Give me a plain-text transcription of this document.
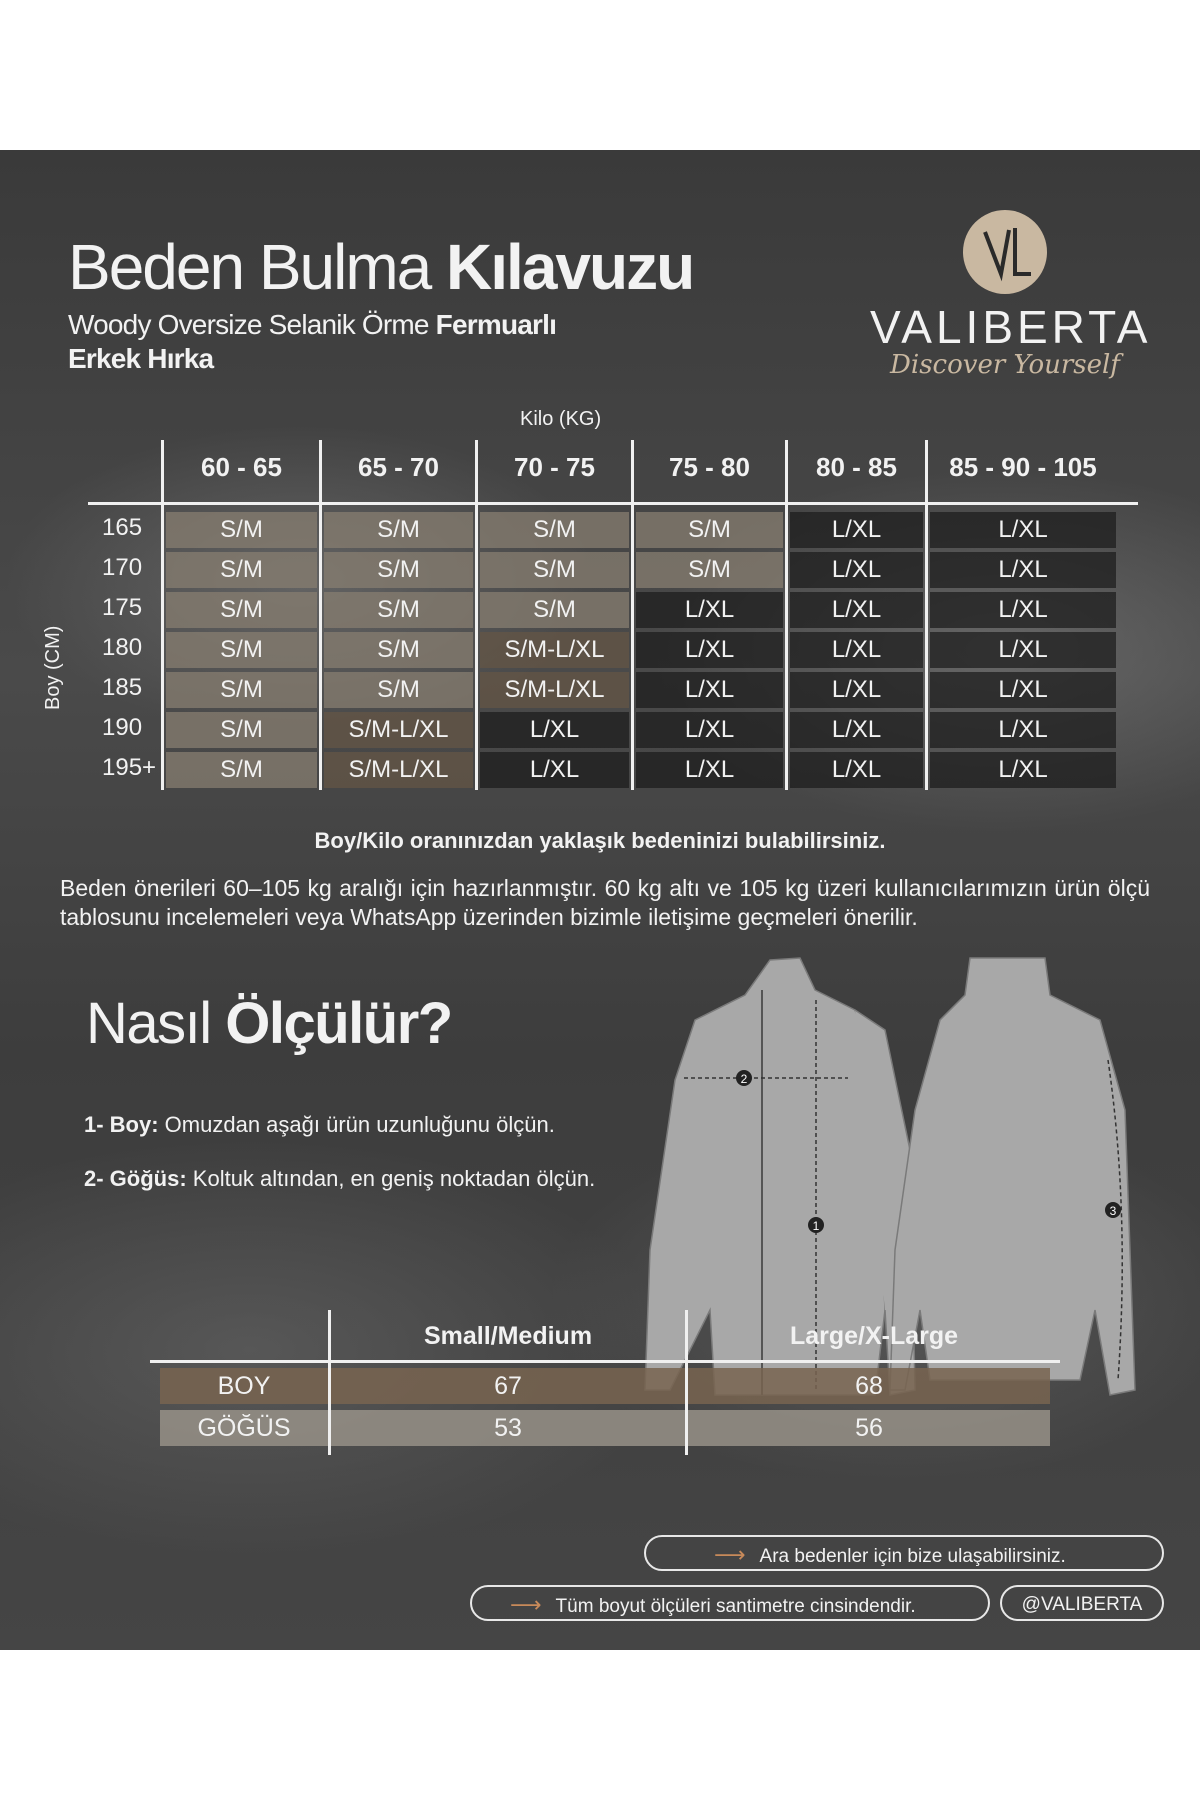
Beden Bulma Kılavuzu
Woody Oversize Selanik Örme Fermuarlı
Erkek Hırka
VALIBERTA
Discover Yourself
Kilo (KG)
Boy (CM)
60 - 65	65 - 70	70 - 75	75 - 80	80 - 85	85 - 90 - 105
165	S/M	S/M	S/M	S/M	L/XL	L/XL
170	S/M	S/M	S/M	S/M	L/XL	L/XL
175	S/M	S/M	S/M	L/XL	L/XL	L/XL
180	S/M	S/M	S/M-L/XL	L/XL	L/XL	L/XL
185	S/M	S/M	S/M-L/XL	L/XL	L/XL	L/XL
190	S/M	S/M-L/XL	L/XL	L/XL	L/XL	L/XL
195+	S/M	S/M-L/XL	L/XL	L/XL	L/XL	L/XL
Boy/Kilo oranınızdan yaklaşık bedeninizi bulabilirsiniz.
Beden önerileri 60–105 kg aralığı için hazırlanmıştır. 60 kg altı ve 105 kg üzeri kullanıcılarımızın ürün ölçü tablosunu incelemeleri veya WhatsApp üzerinden bizimle iletişime geçmeleri önerilir.
Nasıl Ölçülür?
1- Boy: Omuzdan aşağı ürün uzunluğunu ölçün.
2- Göğüs: Koltuk altından, en geniş noktadan ölçün.
2
1
3
Small/Medium	Large/X-Large
BOY	67	68
GÖĞÜS	53	56
⟶ Ara bedenler için bize ulaşabilirsiniz.
⟶ Tüm boyut ölçüleri santimetre cinsindendir.	@VALIBERTA
